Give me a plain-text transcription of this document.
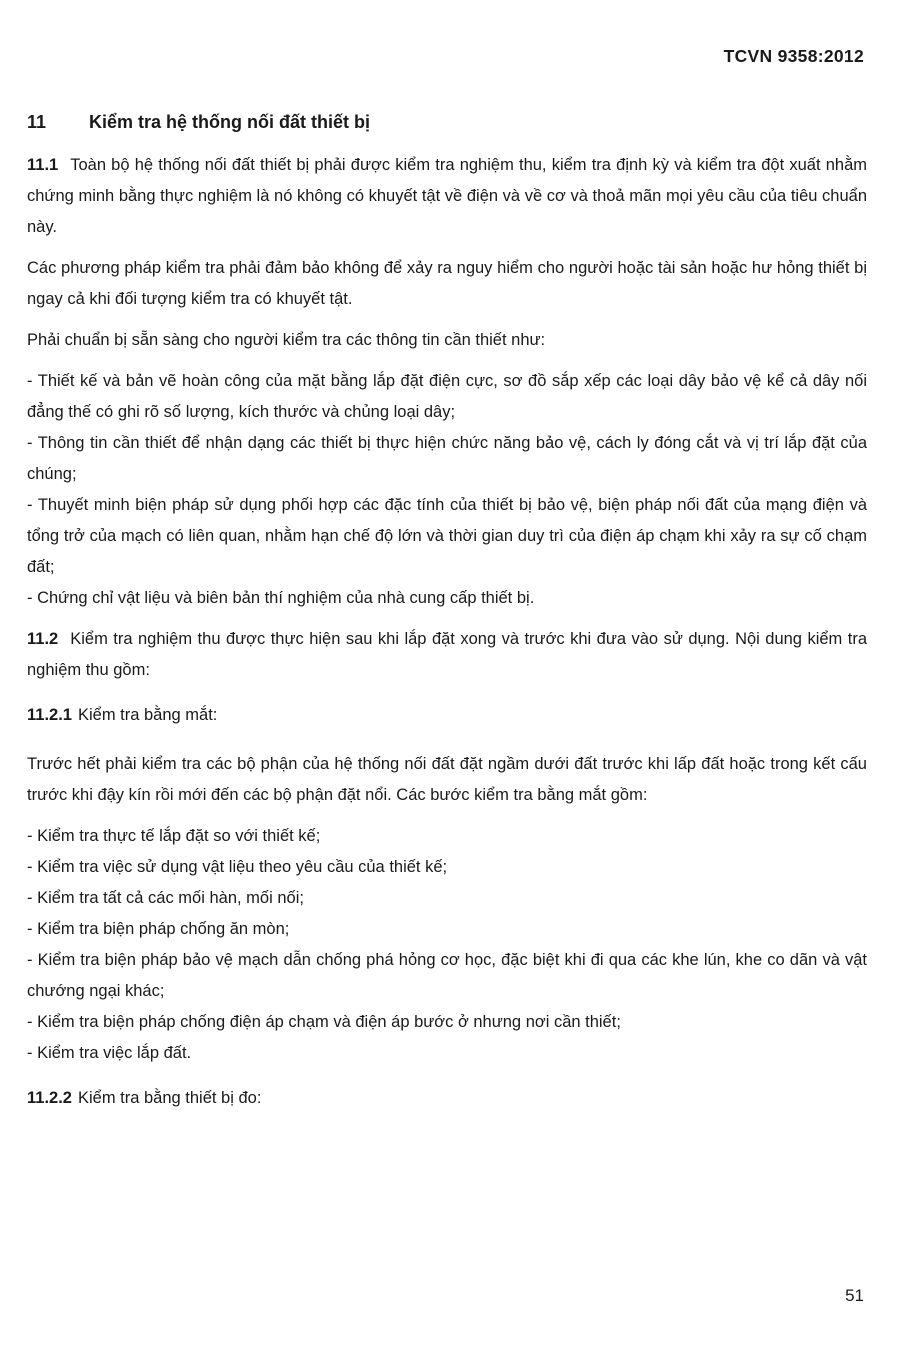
TCVN 9358:2012
11	Kiểm tra hệ thống nối đất thiết bị

11.1 Toàn bộ hệ thống nối đất thiết bị phải được kiểm tra nghiệm thu, kiểm tra định kỳ và kiểm tra đột xuất nhằm chứng minh bằng thực nghiệm là nó không có khuyết tật về điện và về cơ và thoả mãn mọi yêu cầu của tiêu chuẩn này.

Các phương pháp kiểm tra phải đảm bảo không để xảy ra nguy hiểm cho người hoặc tài sản hoặc hư hỏng thiết bị ngay cả khi đối tượng kiểm tra có khuyết tật.

Phải chuẩn bị sẵn sàng cho người kiểm tra các thông tin cần thiết như:

- Thiết kế và bản vẽ hoàn công của mặt bằng lắp đặt điện cực, sơ đồ sắp xếp các loại dây bảo vệ kể cả dây nối đẳng thế có ghi rõ số lượng, kích thước và chủng loại dây;
- Thông tin cần thiết để nhận dạng các thiết bị thực hiện chức năng bảo vệ, cách ly đóng cắt và vị trí lắp đặt của chúng;
- Thuyết minh biện pháp sử dụng phối hợp các đặc tính của thiết bị bảo vệ, biện pháp nối đất của mạng điện và tổng trở của mạch có liên quan, nhằm hạn chế độ lớn và thời gian duy trì của điện áp chạm khi xảy ra sự cố chạm đất;
- Chứng chỉ vật liệu và biên bản thí nghiệm của nhà cung cấp thiết bị.

11.2 Kiểm tra nghiệm thu được thực hiện sau khi lắp đặt xong và trước khi đưa vào sử dụng. Nội dung kiểm tra nghiệm thu gồm:

11.2.1 Kiểm tra bằng mắt:

Trước hết phải kiểm tra các bộ phận của hệ thống nối đất đặt ngầm dưới đất trước khi lấp đất hoặc trong kết cấu trước khi đậy kín rồi mới đến các bộ phận đặt nổi. Các bước kiểm tra bằng mắt gồm:

- Kiểm tra thực tế lắp đặt so với thiết kế;
- Kiểm tra việc sử dụng vật liệu theo yêu cầu của thiết kế;
- Kiểm tra tất cả các mối hàn, mối nối;
- Kiểm tra biện pháp chống ăn mòn;
- Kiểm tra biện pháp bảo vệ mạch dẫn chống phá hỏng cơ học, đặc biệt khi đi qua các khe lún, khe co dãn và vật chướng ngại khác;
- Kiểm tra biện pháp chống điện áp chạm và điện áp bước ở nhưng nơi cần thiết;
- Kiểm tra việc lắp đất.
11.2.2 Kiểm tra bằng thiết bị đo:
51
